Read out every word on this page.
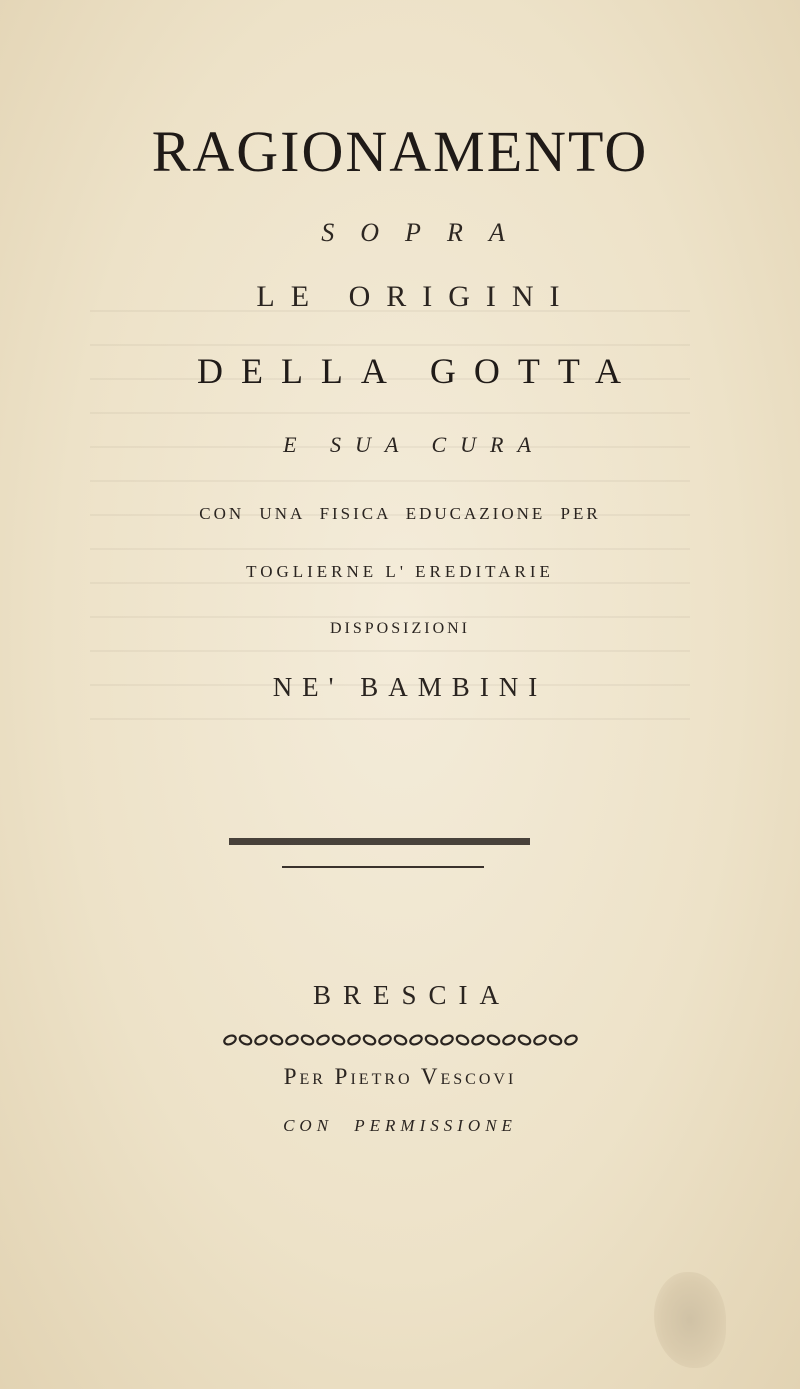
RAGIONAMENTO
SOPRA
LE ORIGINI
DELLA GOTTA
E SUA CURA
CON UNA FISICA EDUCAZIONE PER
TOGLIERNE L' EREDITARIE
DISPOSIZIONI
NE' BAMBINI
BRESCIA
Per Pietro Vescovi
CON PERMISSIONE
